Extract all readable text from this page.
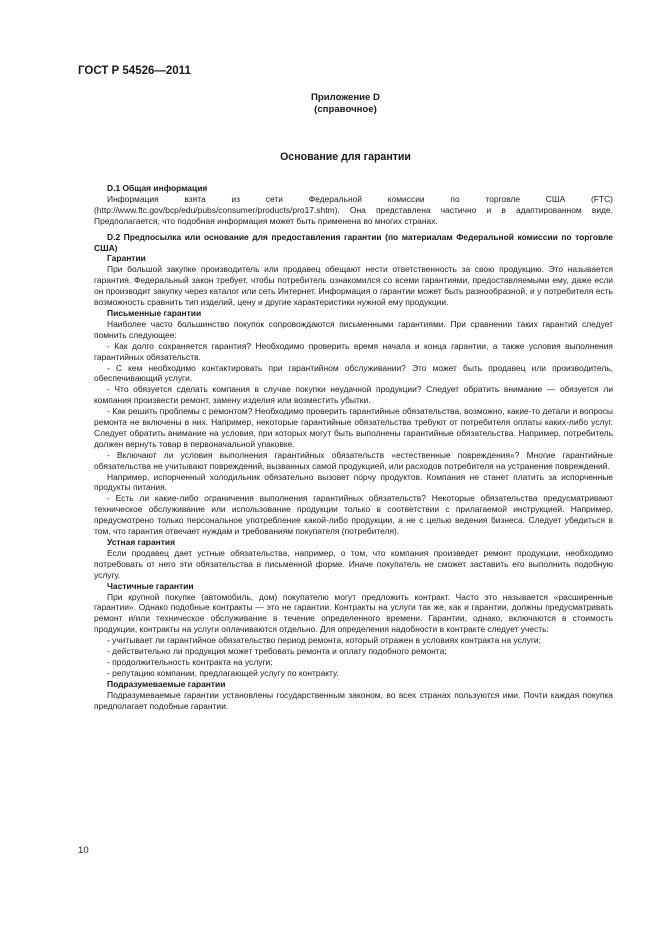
ГОСТ Р 54526—2011
Приложение D
(справочное)
Основание для гарантии

D.1 Общая информация

Информация взята из сети Федеральной комиссии по торговле США (FTC) (http://www.ftc.gov/bcp/edu/pubs/consumer/products/pro17.shtm). Она представлена частично и в адаптированном виде. Предполагается, что подобная информация может быть применена во многих странах.

D.2 Предпосылка или основание для предоставления гарантии (по материалам Федеральной комиссии по торговле США)

Гарантии

При большой закупке производитель или продавец обещают нести ответственность за свою продукцию. Это называется гарантия. Федеральный закон требует, чтобы потребитель ознакомился со всеми гарантиями, предоставляемыми ему, даже если он производит закупку через каталог или сеть Интернет. Информация о гарантии может быть разнообразной, и у потребителя есть возможность сравнить тип изделий, цену и другие характеристики нужной ему продукции.

Письменные гарантии

Наиболее часто большинство покупок сопровождаются письменными гарантиями. При сравнении таких гарантий следует помнить следующее:

- Как долго сохраняется гарантия? Необходимо проверить время начала и конца гарантии, а также условия выполнения гарантийных обязательств.

- С кем необходимо контактировать при гарантийном обслуживании? Это может быть продавец или производитель, обеспечивающий услуги.

- Что обязуется сделать компания в случае покупки неудачной продукции? Следует обратить внимание — обязуется ли компания произвести ремонт, замену изделия или возместить убытки.

- Как решить проблемы с ремонтом? Необходимо проверить гарантийные обязательства, возможно, какие-то детали и вопросы ремонта не включены в них. Например, некоторые гарантийные обязательства требуют от потребителя оплаты каких-либо услуг. Следует обратить внимание на условия, при которых могут быть выполнены гарантийные обязательства. Например, потребитель должен вернуть товар в первоначальной упаковке.

- Включают ли условия выполнения гарантийных обязательств «естественные повреждения»? Многие гарантийные обязательства не учитывают повреждений, вызванных самой продукцией, или расходов потребителя на устранение повреждений.

Например, испорченный холодильник обязательно вызовет порчу продуктов. Компания не станет платить за испорченные продукты питания.

- Есть ли какие-либо ограничения выполнения гарантийных обязательств? Некоторые обязательства предусматривают техническое обслуживание или использование продукции только в соответствии с прилагаемой инструкцией. Например, предусмотрено только персональное употребление какой-либо продукции, а не с целью ведения бизнеса. Следует убедиться в том, что гарантия отвечает нуждам и требованиям покупателя (потребителя).

Устная гарантия

Если продавец дает устные обязательства, например, о том, что компания произведет ремонт продукции, необходимо потребовать от него эти обязательства в письменной форме. Иначе покупатель не сможет заставить его выполнить подобную услугу.

Частичные гарантии

При крупной покупке (автомобиль, дом) покупателю могут предложить контракт. Часто это называется «расширенные гарантии». Однако подобные контракты — это не гарантии. Контракты на услуги так же, как и гарантии, должны предусматривать ремонт и/или техническое обслуживание в течение определенного времени. Гарантии, однако, включаются в стоимость продукции, контракты на услуги оплачиваются отдельно. Для определения надобности в контракте следует учесть:

- учитывает ли гарантийное обязательство период ремонта, который отражен в условиях контракта на услуги;

- действительно ли продукция может требовать ремонта и оплату подобного ремонта;

- продолжительность контракта на услуги;

- репутацию компании, предлагающей услугу по контракту.

Подразумеваемые гарантии

Подразумеваемые гарантии установлены государственным законом, во всех странах пользуются ими. Почти каждая покупка предполагает подобные гарантии.

10
